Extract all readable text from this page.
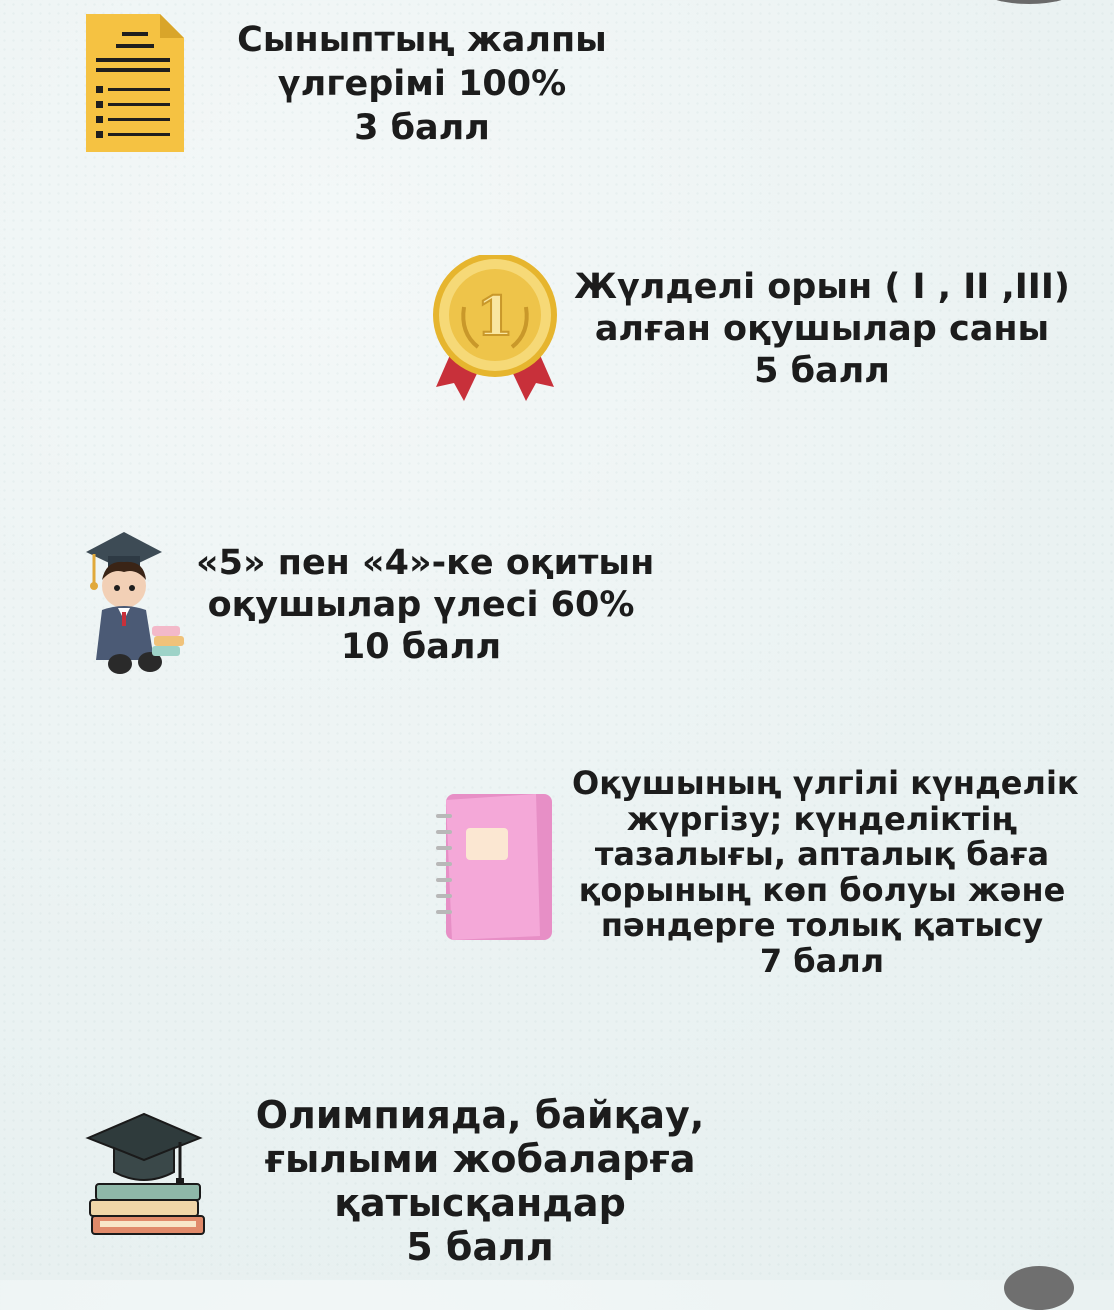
Сыныптың жалпы
үлгерімі 100%
3 балл
1 Жүлделі орын ( I , II ,III)
алған оқушылар саны
5 балл
«5» пен «4»-ке оқитын
оқушылар үлесі 60%
10 балл
Оқушының үлгілі күнделік
жүргізу; күнделіктің
тазалығы, апталық баға
қорының көп болуы және
пәндерге толық қатысу
7 балл
Олимпияда, байқау,
ғылыми жобаларға
қатысқандар
5 балл
